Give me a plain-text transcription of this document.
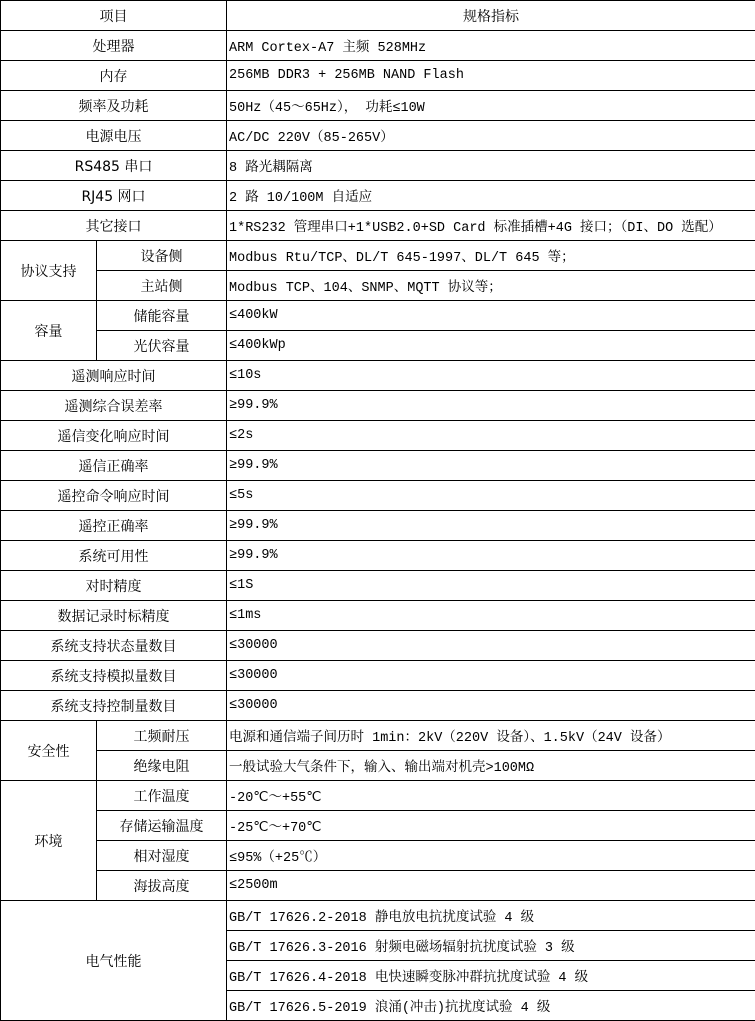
项目		规格指标
处理器		ARM Cortex-A7 主频 528MHz
内存		256MB DDR3 + 256MB NAND Flash
频率及功耗		50Hz（45～65Hz）， 功耗≤10W
电源电压		AC/DC 220V（85-265V）
RS485 串口		8 路光耦隔离
RJ45 网口		2 路 10/100M 自适应
其它接口		1*RS232 管理串口+1*USB2.0+SD Card 标准插槽+4G 接口；（DI、DO 选配）
协议支持	设备侧	Modbus Rtu/TCP、DL/T 645-1997、DL/T 645 等；
	主站侧	Modbus TCP、104、SNMP、MQTT 协议等；
容量	储能容量	≤400kW
	光伏容量	≤400kWp
遥测响应时间		≤10s
遥测综合误差率		≥99.9%
遥信变化响应时间		≤2s
遥信正确率		≥99.9%
遥控命令响应时间		≤5s
遥控正确率		≥99.9%
系统可用性		≥99.9%
对时精度		≤1S
数据记录时标精度		≤1ms
系统支持状态量数目		≤30000
系统支持模拟量数目		≤30000
系统支持控制量数目		≤30000
安全性	工频耐压	电源和通信端子间历时 1min：2kV（220V 设备）、1.5kV（24V 设备）
	绝缘电阻	一般试验大气条件下，输入、输出端对机壳>100MΩ
环境	工作温度	-20℃～+55℃
	存储运输温度	-25℃～+70℃
	相对湿度	≤95%（+25℃）
	海拔高度	≤2500m
电气性能		GB/T 17626.2-2018 静电放电抗扰度试验 4 级
		GB/T 17626.3-2016 射频电磁场辐射抗扰度试验 3 级
		GB/T 17626.4-2018 电快速瞬变脉冲群抗扰度试验 4 级
		GB/T 17626.5-2019 浪涌(冲击)抗扰度试验 4 级
